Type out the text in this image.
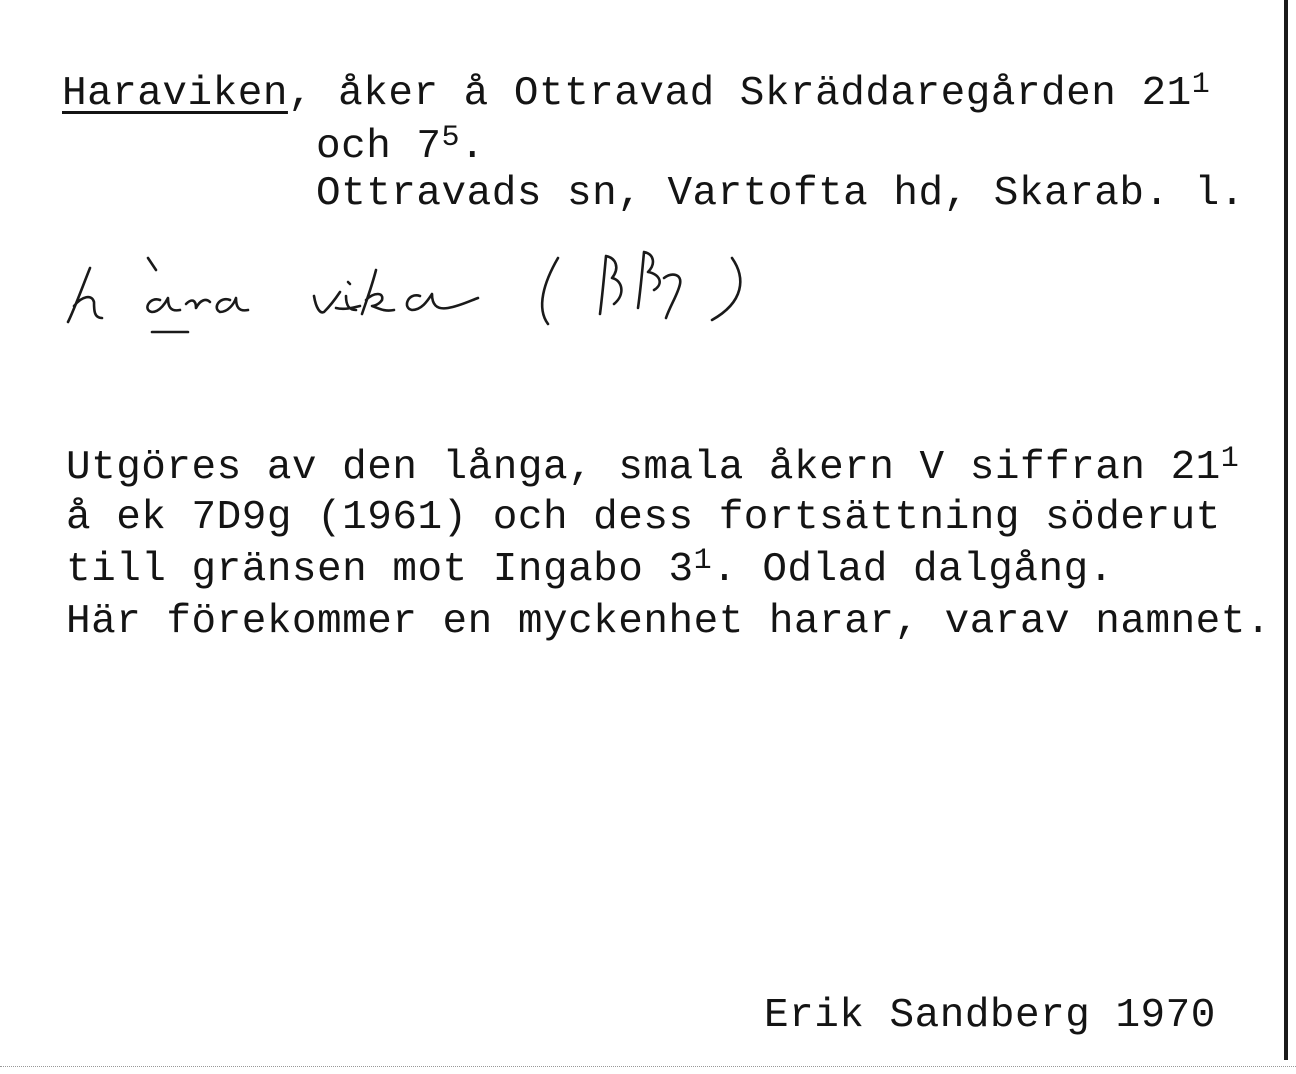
Haraviken, åker å Ottravad Skräddaregården $21^1$
och $7^5$.
Ottravads sn, Vartofta hd, Skarab. l.
Utgöres av den långa, smala åkern V siffran $21^1$
å ek 7D9g (1961) och dess fortsättning söderut
till gränsen mot Ingabo $3^1$. Odlad dalgång.
Här förekommer en myckenhet harar, varav namnet.
Erik Sandberg 1970
